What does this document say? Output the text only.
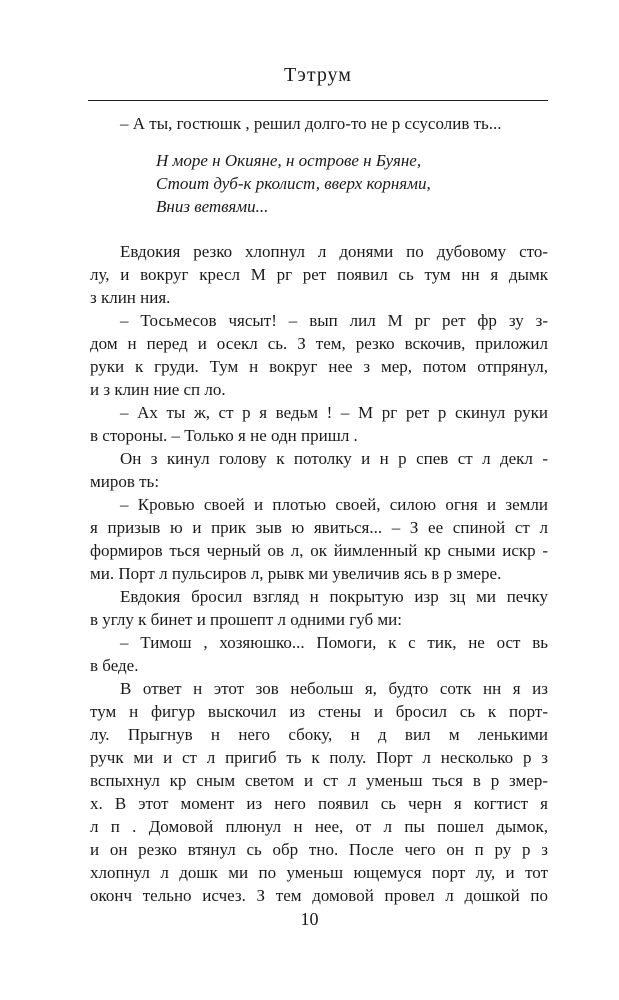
Тэтрум
– А ты, гостюшк , решил долго-то не р ссусолив ть...
Н море н Окияне, н острове н Буяне,
Стоит дуб-к рколист, вверх корнями,
Вниз ветвями...
Евдокия резко хлопнул л донями по дубовому сто-
лу, и вокруг кресл М рг рет появил сь тум нн я дымк
з клин ния.
– Тосьмесов чясыт! – вып лил М рг рет фр зу з-
дом н перед и осекл сь. З тем, резко вскочив, приложил
руки к груди. Тум н вокруг нее з мер, потом отпрянул,
и з клин ние сп ло.
– Ах ты ж, ст р я ведьм ! – М рг рет р скинул руки
в стороны. – Только я не одн пришл .
Он з кинул голову к потолку и н р спев ст л декл -
миров ть:
– Кровью своей и плотью своей, силою огня и земли
я призыв ю и прик зыв ю явиться... – З ее спиной ст л
формиров ться черный ов л, ок йимленный кр сными искр -
ми. Порт л пульсиров л, рывк ми увеличив ясь в р змере.
Евдокия бросил взгляд н покрытую изр зц ми печку
в углу к бинет и прошепт л одними губ ми:
– Тимош , хозяюшко... Помоги, к с тик, не ост вь
в беде.
В ответ н этот зов небольш я, будто сотк нн я из
тум н фигур выскочил из стены и бросил сь к порт-
лу. Прыгнув н него сбоку, н д вил м ленькими
ручк ми и ст л пригиб ть к полу. Порт л несколько р з
вспыхнул кр сным светом и ст л уменьш ться в р змер-
х. В этот момент из него появил сь черн я когтист я
л п . Домовой плюнул н нее, от л пы пошел дымок,
и он резко втянул сь обр тно. После чего он п ру р з
хлопнул л дошк ми по уменьш ющемуся порт лу, и тот
оконч тельно исчез. З тем домовой провел л дошкой по
10
